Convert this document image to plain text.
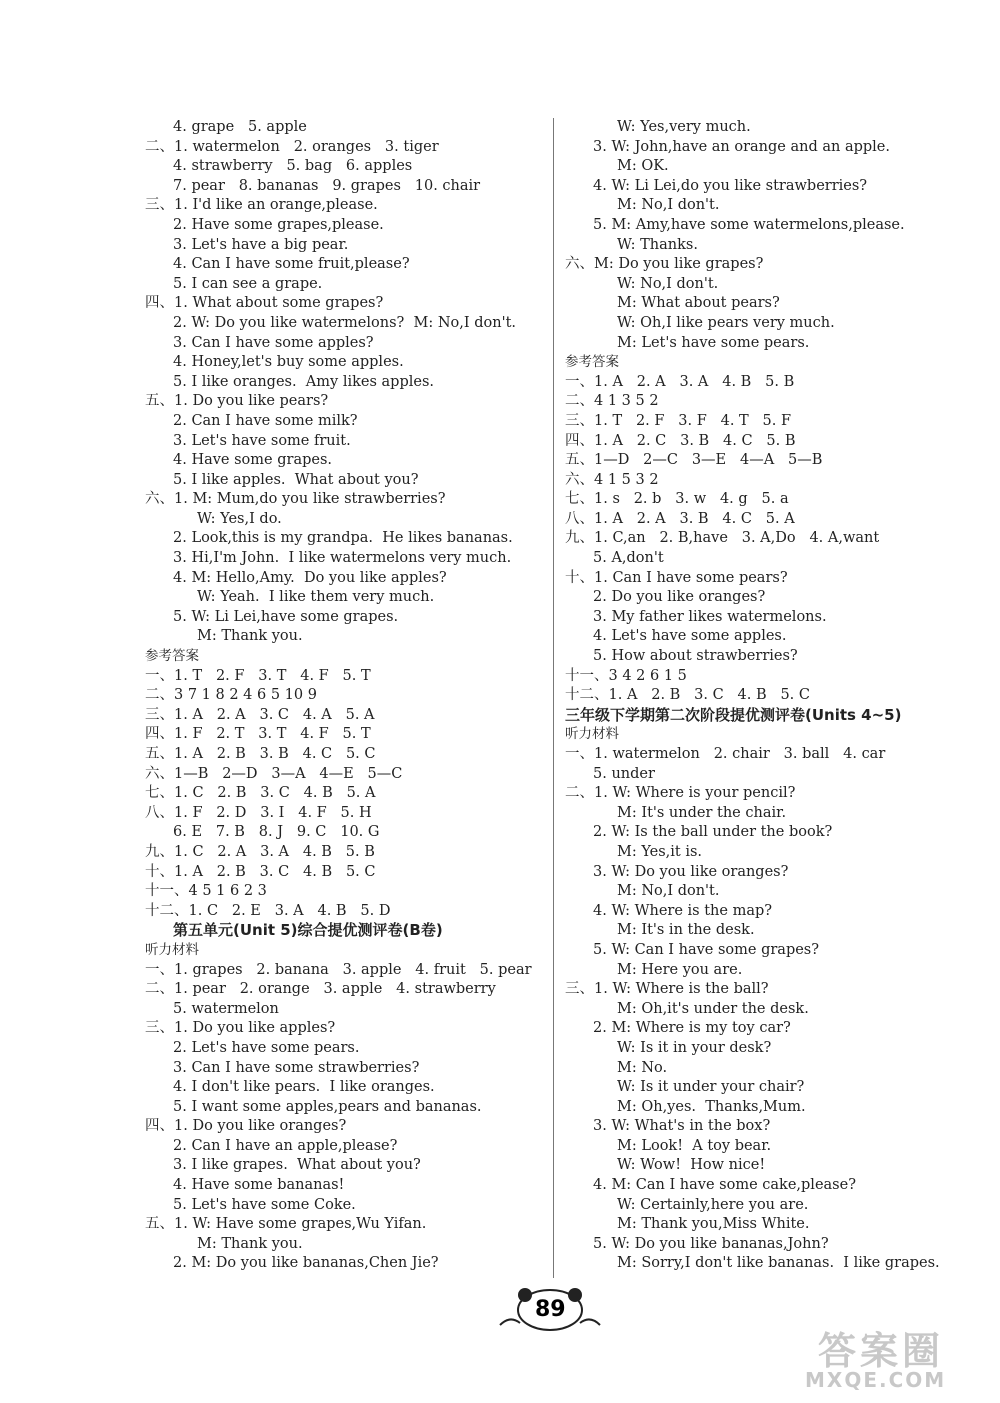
4. grape   5. apple
二、1. watermelon   2. oranges   3. tiger
4. strawberry   5. bag   6. apples
7. pear   8. bananas   9. grapes   10. chair
三、1. I'd like an orange,please.
2. Have some grapes,please.
3. Let's have a big pear.
4. Can I have some fruit,please?
5. I can see a grape.
四、1. What about some grapes?
2. W: Do you like watermelons?  M: No,I don't.
3. Can I have some apples?
4. Honey,let's buy some apples.
5. I like oranges.  Amy likes apples.
五、1. Do you like pears?
2. Can I have some milk?
3. Let's have some fruit.
4. Have some grapes.
5. I like apples.  What about you?
六、1. M: Mum,do you like strawberries?
W: Yes,I do.
2. Look,this is my grandpa.  He likes bananas.
3. Hi,I'm John.  I like watermelons very much.
4. M: Hello,Amy.  Do you like apples?
W: Yeah.  I like them very much.
5. W: Li Lei,have some grapes.
M: Thank you.
参考答案
一、1. T   2. F   3. T   4. F   5. T
二、3 7 1 8 2 4 6 5 10 9
三、1. A   2. A   3. C   4. A   5. A
四、1. F   2. T   3. T   4. F   5. T
五、1. A   2. B   3. B   4. C   5. C
六、1—B   2—D   3—A   4—E   5—C
七、1. C   2. B   3. C   4. B   5. A
八、1. F   2. D   3. I   4. F   5. H
6. E   7. B   8. J   9. C   10. G
九、1. C   2. A   3. A   4. B   5. B
十、1. A   2. B   3. C   4. B   5. C
十一、4 5 1 6 2 3
十二、1. C   2. E   3. A   4. B   5. D
第五单元(Unit 5)综合提优测评卷(B卷)
听力材料
一、1. grapes   2. banana   3. apple   4. fruit   5. pear
二、1. pear   2. orange   3. apple   4. strawberry
5. watermelon
三、1. Do you like apples?
2. Let's have some pears.
3. Can I have some strawberries?
4. I don't like pears.  I like oranges.
5. I want some apples,pears and bananas.
四、1. Do you like oranges?
2. Can I have an apple,please?
3. I like grapes.  What about you?
4. Have some bananas!
5. Let's have some Coke.
五、1. W: Have some grapes,Wu Yifan.
M: Thank you.
2. M: Do you like bananas,Chen Jie?
W: Yes,very much.
3. W: John,have an orange and an apple.
M: OK.
4. W: Li Lei,do you like strawberries?
M: No,I don't.
5. M: Amy,have some watermelons,please.
W: Thanks.
六、M: Do you like grapes?
W: No,I don't.
M: What about pears?
W: Oh,I like pears very much.
M: Let's have some pears.
参考答案
一、1. A   2. A   3. A   4. B   5. B
二、4 1 3 5 2
三、1. T   2. F   3. F   4. T   5. F
四、1. A   2. C   3. B   4. C   5. B
五、1—D   2—C   3—E   4—A   5—B
六、4 1 5 3 2
七、1. s   2. b   3. w   4. g   5. a
八、1. A   2. A   3. B   4. C   5. A
九、1. C,an   2. B,have   3. A,Do   4. A,want
5. A,don't
十、1. Can I have some pears?
2. Do you like oranges?
3. My father likes watermelons.
4. Let's have some apples.
5. How about strawberries?
十一、3 4 2 6 1 5
十二、1. A   2. B   3. C   4. B   5. C
三年级下学期第二次阶段提优测评卷(Units 4~5)
听力材料
一、1. watermelon   2. chair   3. ball   4. car
5. under
二、1. W: Where is your pencil?
M: It's under the chair.
2. W: Is the ball under the book?
M: Yes,it is.
3. W: Do you like oranges?
M: No,I don't.
4. W: Where is the map?
M: It's in the desk.
5. W: Can I have some grapes?
M: Here you are.
三、1. W: Where is the ball?
M: Oh,it's under the desk.
2. M: Where is my toy car?
W: Is it in your desk?
M: No.
W: Is it under your chair?
M: Oh,yes.  Thanks,Mum.
3. W: What's in the box?
M: Look!  A toy bear.
W: Wow!  How nice!
4. M: Can I have some cake,please?
W: Certainly,here you are.
M: Thank you,Miss White.
5. W: Do you like bananas,John?
M: Sorry,I don't like bananas.  I like grapes.
89
答案圈
MXQE.COM
